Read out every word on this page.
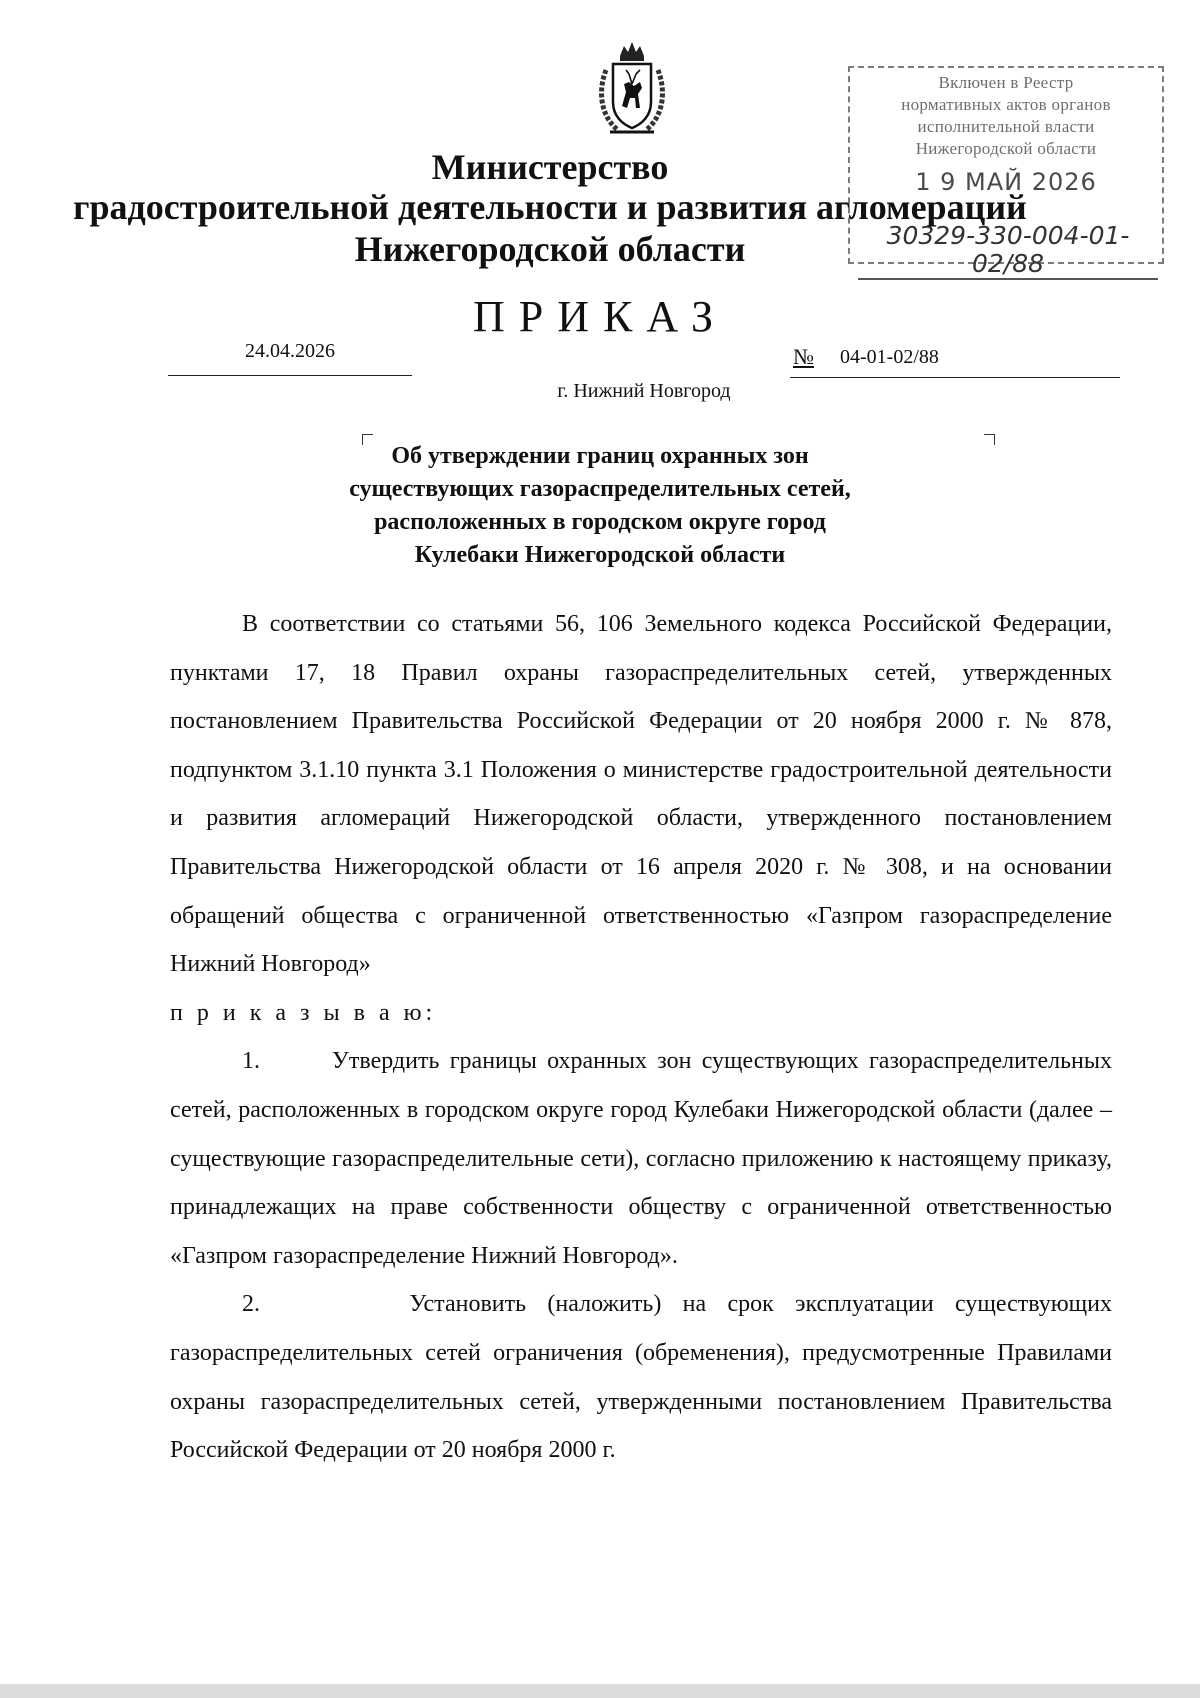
Министерство
градостроительной деятельности и развития агломераций
Нижегородской области
Включен в Реестр
нормативных актов органов
исполнительной власти
Нижегородской области
1 9 МАЙ 2026
30329-330-004-01-02/88
ПРИКАЗ
24.04.2026	№ 04-01-02/88
г. Нижний Новгород
Об утверждении границ охранных зон
существующих газораспределительных сетей,
расположенных в городском округе город
Кулебаки Нижегородской области

В соответствии со статьями 56, 106 Земельного кодекса Российской Федерации, пунктами 17, 18 Правил охраны газораспределительных сетей, утвержденных постановлением Правительства Российской Федерации от 20 ноября 2000 г. № 878, подпунктом 3.1.10 пункта 3.1 Положения о министерстве градостроительной деятельности и развития агломераций Нижегородской области, утвержденного постановлением Правительства Нижегородской области от 16 апреля 2020 г. № 308, и на основании обращений общества с ограниченной ответственностью «Газпром газораспределение Нижний Новгород»

п р и к а з ы в а ю:

1.	Утвердить границы охранных зон существующих газораспределительных сетей, расположенных в городском округе город Кулебаки Нижегородской области (далее – существующие газораспределительные сети), согласно приложению к настоящему приказу, принадлежащих на праве собственности обществу с ограниченной ответственностью «Газпром газораспределение Нижний Новгород».

2.	Установить (наложить) на срок эксплуатации существующих газораспределительных сетей ограничения (обременения), предусмотренные Правилами охраны газораспределительных сетей, утвержденными постановлением Правительства Российской Федерации от 20 ноября 2000 г.
